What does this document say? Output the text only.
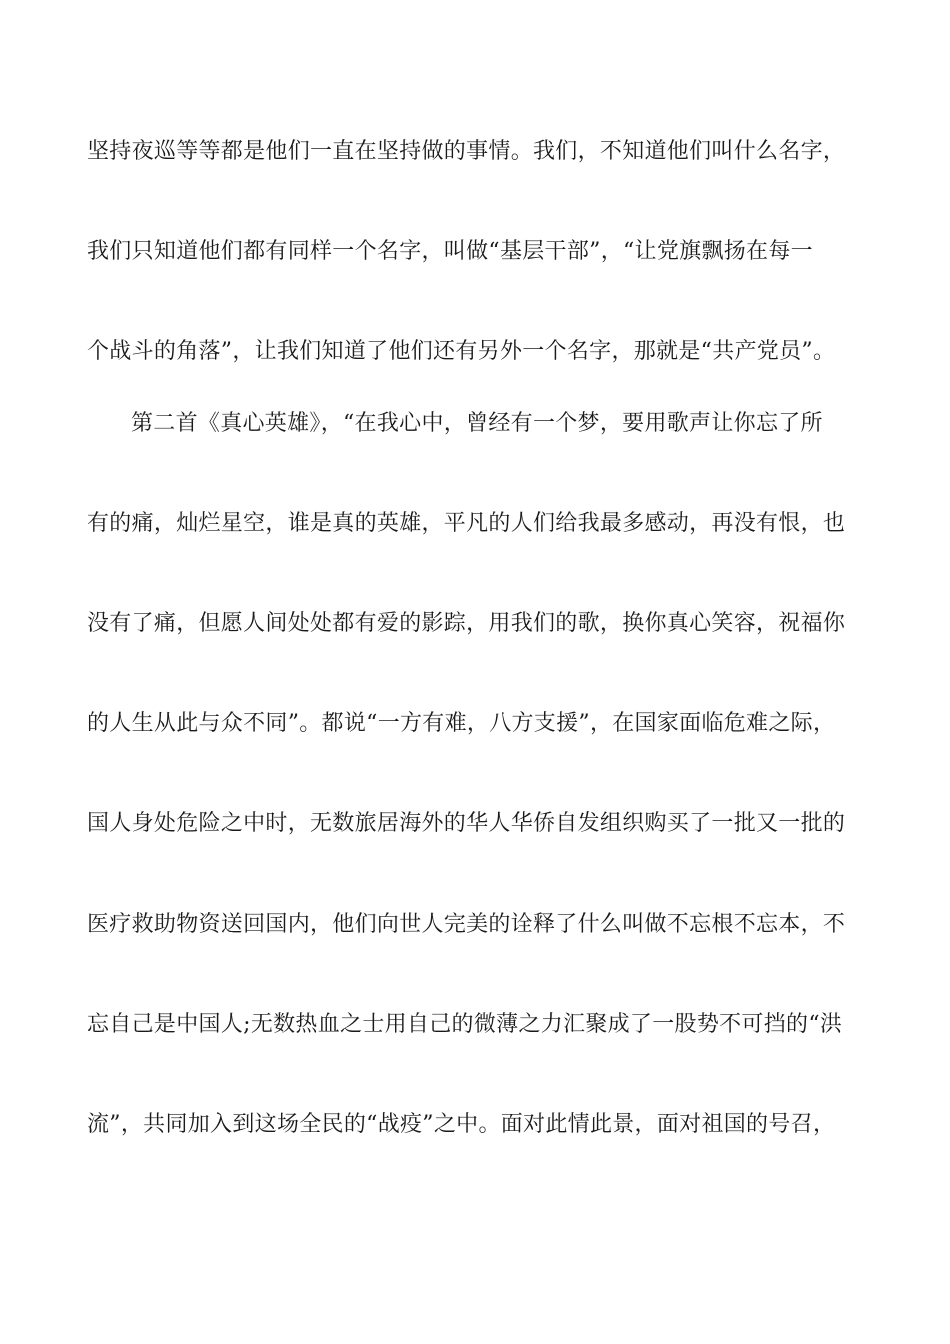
坚持夜巡等等都是他们一直在坚持做的事情。我们，不知道他们叫什么名字，
我们只知道他们都有同样一个名字，叫做“基层干部”，“让党旗飘扬在每一
个战斗的角落”，让我们知道了他们还有另外一个名字，那就是“共产党员”。
第二首《真心英雄》，“在我心中，曾经有一个梦，要用歌声让你忘了所
有的痛，灿烂星空，谁是真的英雄，平凡的人们给我最多感动，再没有恨，也
没有了痛，但愿人间处处都有爱的影踪，用我们的歌，换你真心笑容，祝福你
的人生从此与众不同”。都说“一方有难，八方支援”，在国家面临危难之际，
国人身处危险之中时，无数旅居海外的华人华侨自发组织购买了一批又一批的
医疗救助物资送回国内，他们向世人完美的诠释了什么叫做不忘根不忘本，不
忘自己是中国人;无数热血之士用自己的微薄之力汇聚成了一股势不可挡的“洪
流”，共同加入到这场全民的“战疫”之中。面对此情此景，面对祖国的号召，
